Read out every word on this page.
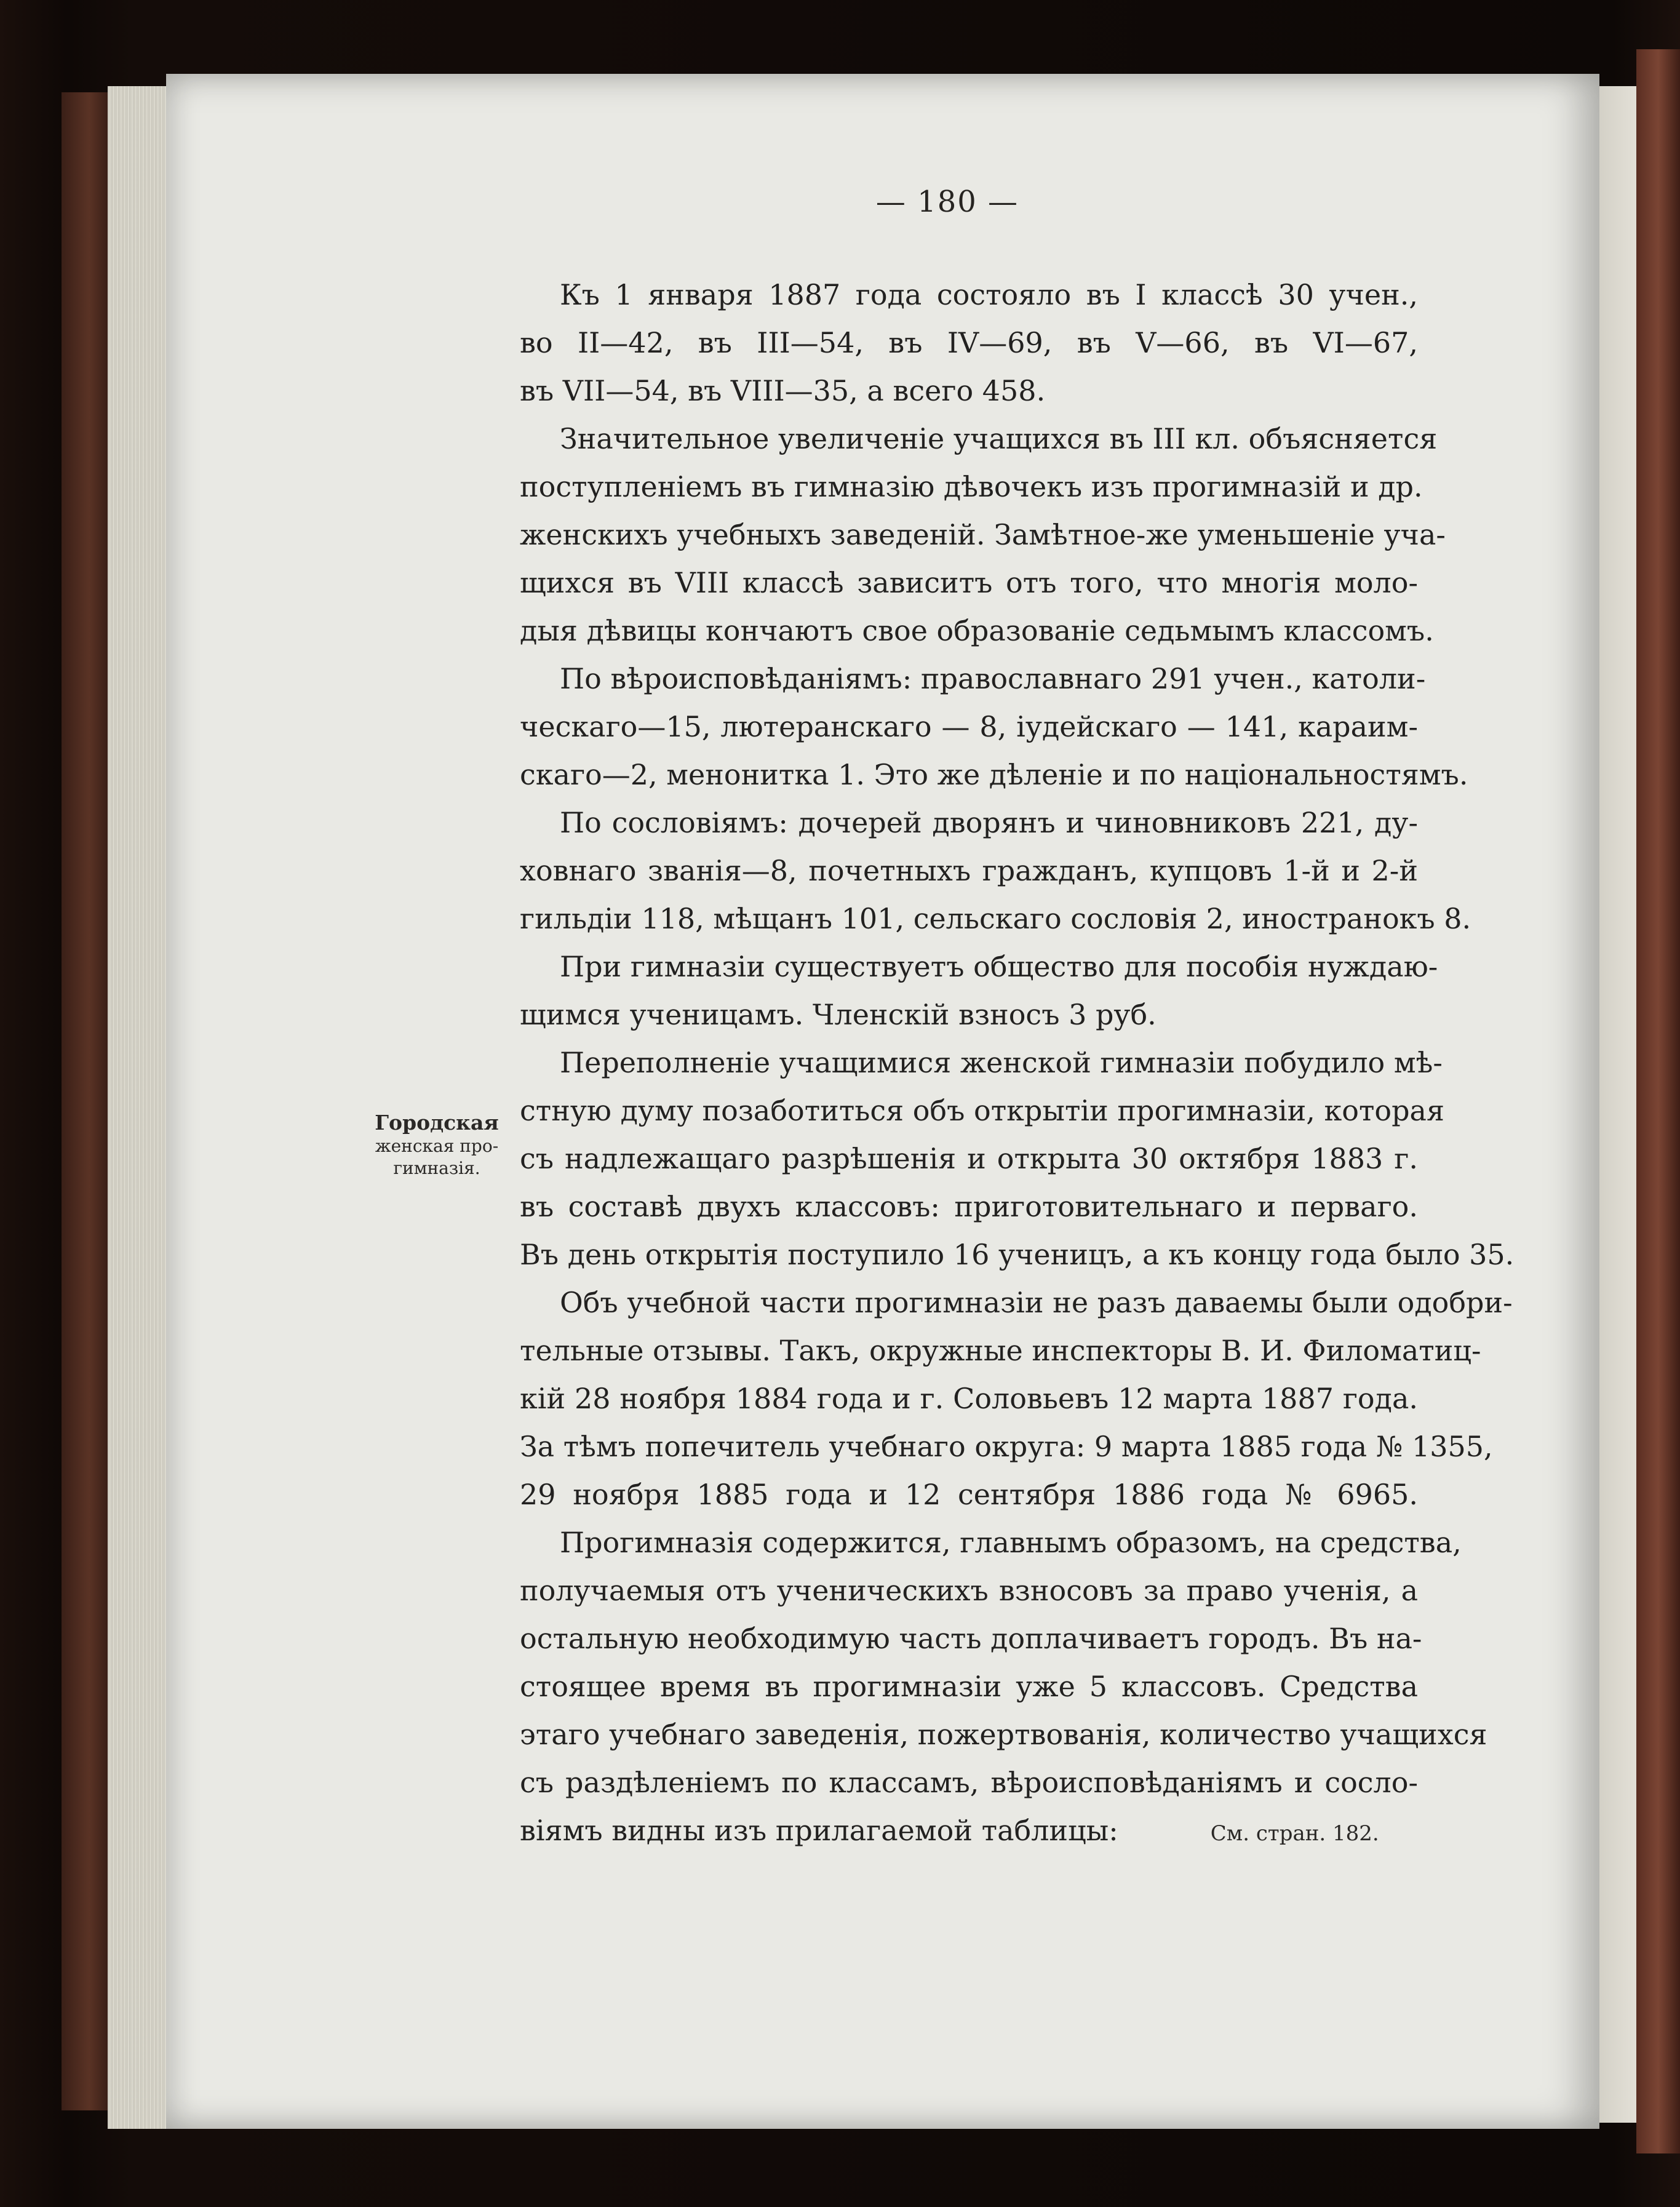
— 180 —
Городская
женская про-
гимназія.
Къ 1 января 1887 года состояло въ I классѣ 30 учен.,
во II—42, въ III—54, въ IV—69, въ V—66, въ VI—67,
въ VII—54, въ VIII—35, а всего 458.
Значительное увеличеніе учащихся въ III кл. объясняется
поступленіемъ въ гимназію дѣвочекъ изъ прогимназій и др.
женскихъ учебныхъ заведеній. Замѣтное-же уменьшеніе уча-
щихся въ VIII классѣ зависитъ отъ того, что многія моло-
дыя дѣвицы кончаютъ свое образованіе седьмымъ классомъ.
По вѣроисповѣданіямъ: православнаго 291 учен., католи-
ческаго—15, лютеранскаго — 8, іудейскаго — 141, караим-
скаго—2, менонитка 1. Это же дѣленіе и по національностямъ.
По сословіямъ: дочерей дворянъ и чиновниковъ 221, ду-
ховнаго званія—8, почетныхъ гражданъ, купцовъ 1-й и 2-й
гильдіи 118, мѣщанъ 101, сельскаго сословія 2, иностранокъ 8.
При гимназіи существуетъ общество для пособія нуждаю-
щимся ученицамъ. Членскій взносъ 3 руб.
Переполненіе учащимися женской гимназіи побудило мѣ-
стную думу позаботиться объ открытіи прогимназіи, которая
съ надлежащаго разрѣшенія и открыта 30 октября 1883 г.
въ составѣ двухъ классовъ: приготовительнаго и перваго.
Въ день открытія поступило 16 ученицъ, а къ концу года было 35.
Объ учебной части прогимназіи не разъ даваемы были одобри-
тельные отзывы. Такъ, окружные инспекторы В. И. Филоматиц-
кій 28 ноября 1884 года и г. Соловьевъ 12 марта 1887 года.
За тѣмъ попечитель учебнаго округа: 9 марта 1885 года № 1355,
29 ноября 1885 года и 12 сентября 1886 года № 6965.
Прогимназія содержится, главнымъ образомъ, на средства,
получаемыя отъ ученическихъ взносовъ за право ученія, а
остальную необходимую часть доплачиваетъ городъ. Въ на-
стоящее время въ прогимназіи уже 5 классовъ. Средства
этаго учебнаго заведенія, пожертвованія, количество учащихся
съ раздѣленіемъ по классамъ, вѣроисповѣданіямъ и сосло-
віямъ видны изъ прилагаемой таблицы:	См. стран. 182.
